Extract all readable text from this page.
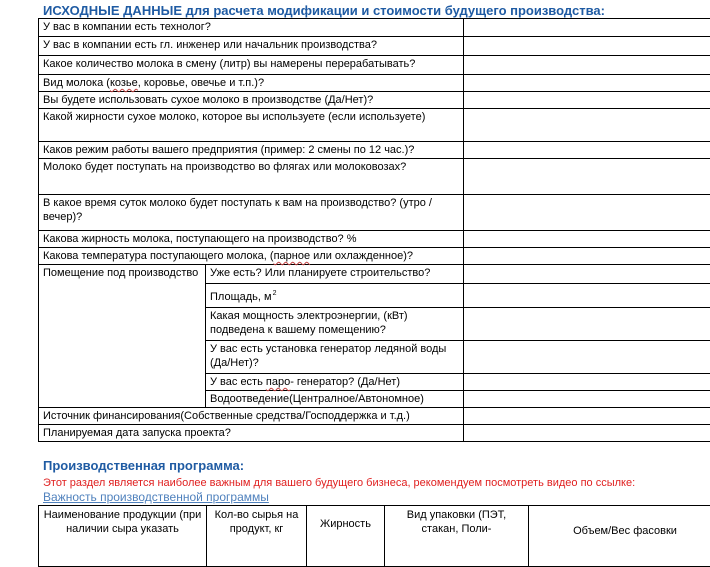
ИСХОДНЫЕ ДАННЫЕ для расчета модификации и стоимости будущего производства:
У вас в компании есть технолог?		
У вас в компании есть гл. инженер или начальник производства?		
Какое количество молока в смену (литр) вы намерены перерабатывать?		
Вид молока (козье, коровье, овечье и т.п.)?		
Вы будете использовать сухое молоко в производстве (Да/Нет)?		
Какой жирности сухое молоко, которое вы используете (если используете)		
Каков режим работы вашего предприятия (пример: 2 смены по 12 час.)?		
Молоко будет поступать на производство во флягах или молоковозах?		
В какое время суток молоко будет поступать к вам на производство? (утро / вечер)?		
Какова жирность молока, поступающего на производство? %		
Какова температура поступающего молока, (парное или охлажденное)?		
Помещение под производство	Уже есть? Или планируете строительство?	
	Площадь, $м^2$	
	Какая мощность электроэнергии, (кВт) подведена к вашему помещению?	
	У вас есть установка генератор ледяной воды (Да/Нет)?	
	У вас есть паро- генератор? (Да/Нет)	
	Водоотведение(Централное/Автономное)	
Источник финансирования(Собственные средства/Господдержка и т.д.)		
Планируемая дата запуска проекта?		
Производственная программа:
Этот раздел является наиболее важным для вашего будущего бизнеса, рекомендуем посмотреть видео по ссылке: Важность производственной программы
Наименование продукции (при наличии сыра указать	Кол-во сырья на продукт, кг	Жирность	Вид упаковки (ПЭТ, стакан, Поли-	Объем/Вес фасовки
